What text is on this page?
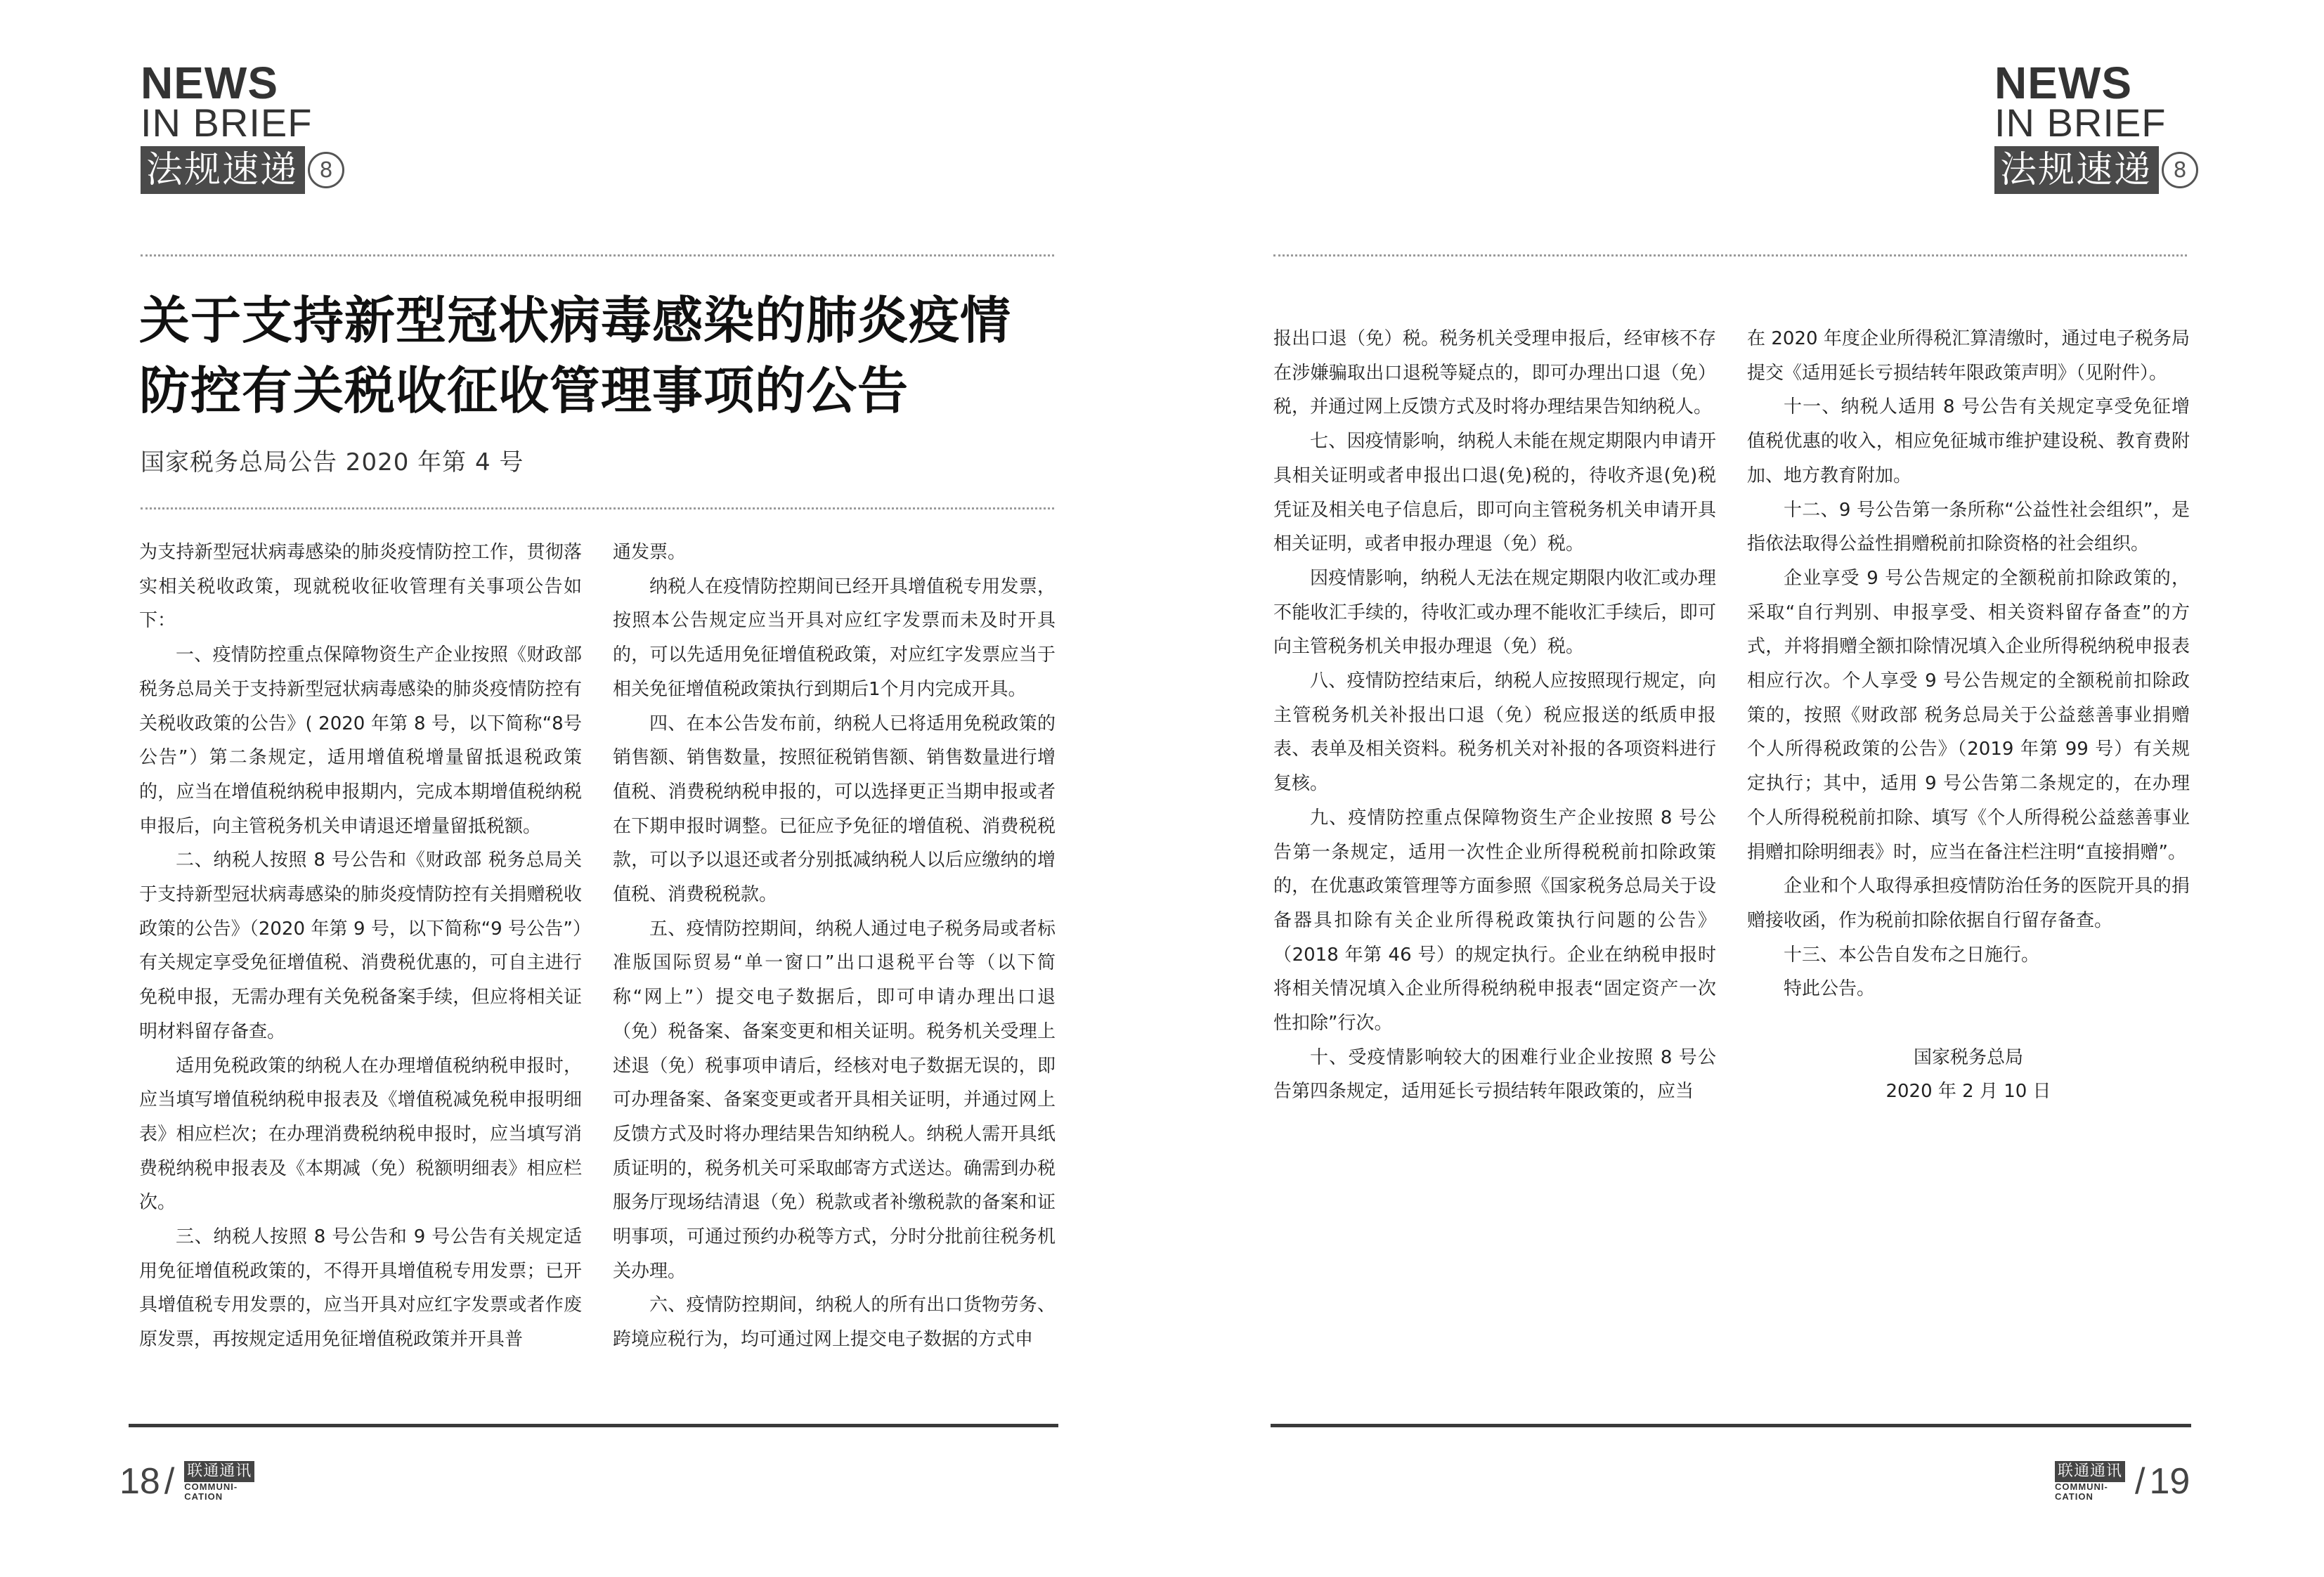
NEWS
IN BRIEF
法规速递	8
NEWS
IN BRIEF
法规速递	8
关于支持新型冠状病毒感染的肺炎疫情
防控有关税收征收管理事项的公告
国家税务总局公告 2020 年第 4 号

为支持新型冠状病毒感染的肺炎疫情防控工作，贯彻落实相关税收政策，现就税收征收管理有关事项公告如下：

一、疫情防控重点保障物资生产企业按照《财政部 税务总局关于支持新型冠状病毒感染的肺炎疫情防控有关税收政策的公告》( 2020 年第 8 号，以下简称“8号公告”）第二条规定，适用增值税增量留抵退税政策的，应当在增值税纳税申报期内，完成本期增值税纳税申报后，向主管税务机关申请退还增量留抵税额。

二、纳税人按照 8 号公告和《财政部 税务总局关于支持新型冠状病毒感染的肺炎疫情防控有关捐赠税收政策的公告》（2020 年第 9 号，以下简称“9 号公告”）有关规定享受免征增值税、消费税优惠的，可自主进行免税申报，无需办理有关免税备案手续，但应将相关证明材料留存备查。

适用免税政策的纳税人在办理增值税纳税申报时，应当填写增值税纳税申报表及《增值税减免税申报明细表》相应栏次；在办理消费税纳税申报时，应当填写消费税纳税申报表及《本期减（免）税额明细表》相应栏次。

三、纳税人按照 8 号公告和 9 号公告有关规定适用免征增值税政策的，不得开具增值税专用发票；已开具增值税专用发票的，应当开具对应红字发票或者作废原发票，再按规定适用免征增值税政策并开具普

通发票。

纳税人在疫情防控期间已经开具增值税专用发票，按照本公告规定应当开具对应红字发票而未及时开具的，可以先适用免征增值税政策，对应红字发票应当于相关免征增值税政策执行到期后1个月内完成开具。

四、在本公告发布前，纳税人已将适用免税政策的销售额、销售数量，按照征税销售额、销售数量进行增值税、消费税纳税申报的，可以选择更正当期申报或者在下期申报时调整。已征应予免征的增值税、消费税税款，可以予以退还或者分别抵减纳税人以后应缴纳的增值税、消费税税款。

五、疫情防控期间，纳税人通过电子税务局或者标准版国际贸易“单一窗口”出口退税平台等（以下简称“网上”）提交电子数据后，即可申请办理出口退（免）税备案、备案变更和相关证明。税务机关受理上述退（免）税事项申请后，经核对电子数据无误的，即可办理备案、备案变更或者开具相关证明，并通过网上反馈方式及时将办理结果告知纳税人。纳税人需开具纸质证明的，税务机关可采取邮寄方式送达。确需到办税服务厅现场结清退（免）税款或者补缴税款的备案和证明事项，可通过预约办税等方式，分时分批前往税务机关办理。

六、疫情防控期间，纳税人的所有出口货物劳务、跨境应税行为，均可通过网上提交电子数据的方式申

报出口退（免）税。税务机关受理申报后，经审核不存在涉嫌骗取出口退税等疑点的，即可办理出口退（免）税，并通过网上反馈方式及时将办理结果告知纳税人。

七、因疫情影响，纳税人未能在规定期限内申请开具相关证明或者申报出口退(免)税的，待收齐退(免)税凭证及相关电子信息后，即可向主管税务机关申请开具相关证明，或者申报办理退（免）税。

因疫情影响，纳税人无法在规定期限内收汇或办理不能收汇手续的，待收汇或办理不能收汇手续后，即可向主管税务机关申报办理退（免）税。

八、疫情防控结束后，纳税人应按照现行规定，向主管税务机关补报出口退（免）税应报送的纸质申报表、表单及相关资料。税务机关对补报的各项资料进行复核。

九、疫情防控重点保障物资生产企业按照 8 号公告第一条规定，适用一次性企业所得税税前扣除政策的，在优惠政策管理等方面参照《国家税务总局关于设备器具扣除有关企业所得税政策执行问题的公告》（2018 年第 46 号）的规定执行。企业在纳税申报时将相关情况填入企业所得税纳税申报表“固定资产一次性扣除”行次。

十、受疫情影响较大的困难行业企业按照 8 号公告第四条规定，适用延长亏损结转年限政策的，应当

在 2020 年度企业所得税汇算清缴时，通过电子税务局提交《适用延长亏损结转年限政策声明》（见附件）。

十一、纳税人适用 8 号公告有关规定享受免征增值税优惠的收入，相应免征城市维护建设税、教育费附加、地方教育附加。

十二、9 号公告第一条所称“公益性社会组织”，是指依法取得公益性捐赠税前扣除资格的社会组织。

企业享受 9 号公告规定的全额税前扣除政策的，采取“自行判别、申报享受、相关资料留存备查”的方式，并将捐赠全额扣除情况填入企业所得税纳税申报表相应行次。个人享受 9 号公告规定的全额税前扣除政策的，按照《财政部 税务总局关于公益慈善事业捐赠个人所得税政策的公告》（2019 年第 99 号）有关规定执行；其中，适用 9 号公告第二条规定的，在办理个人所得税税前扣除、填写《个人所得税公益慈善事业捐赠扣除明细表》时，应当在备注栏注明“直接捐赠”。

企业和个人取得承担疫情防治任务的医院开具的捐赠接收函，作为税前扣除依据自行留存备查。

十三、本公告自发布之日施行。

特此公告。

国家税务总局

2020 年 2 月 10 日

18 / 联通通讯
COMMUNI-
CATION
联通通讯
COMMUNI-
CATION	/ 19
